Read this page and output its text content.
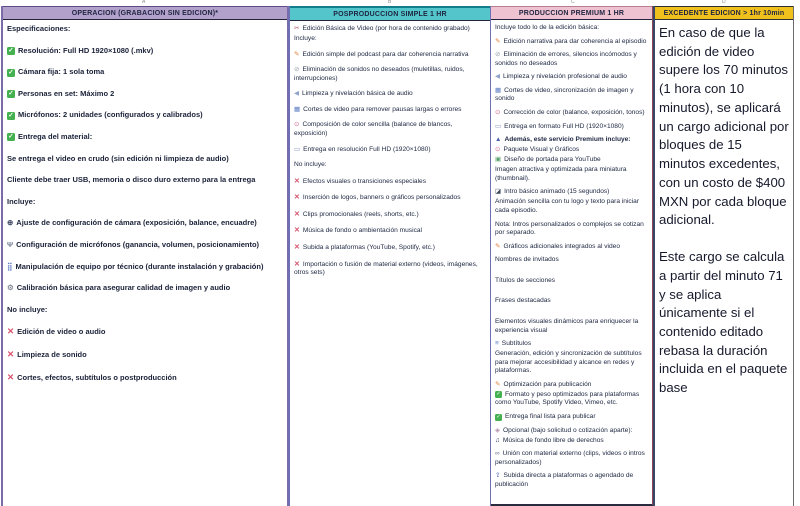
A	B	C	D
OPERACION (GRABACION SIN EDICION)*
Especificaciones:
✓ Resolución: Full HD 1920×1080 (.mkv)
✓ Cámara fija: 1 sola toma
✓ Personas en set: Máximo 2
✓ Micrófonos: 2 unidades (configurados y calibrados)
✓ Entrega del material:
Se entrega el video en crudo (sin edición ni limpieza de audio)
Cliente debe traer USB, memoria o disco duro externo para la entrega
Incluye:
⊕ Ajuste de configuración de cámara (exposición, balance, encuadre)
Ψ Configuración de micrófonos (ganancia, volumen, posicionamiento)
⣿ Manipulación de equipo por técnico (durante instalación y grabación)
⚙ Calibración básica para asegurar calidad de imagen y audio
No incluye:
✕ Edición de video o audio
✕ Limpieza de sonido
✕ Cortes, efectos, subtítulos o postproducción
POSPRODUCCION SIMPLE 1 HR
✂ Edición Básica de Video (por hora de contenido grabado)
Incluye:
✎ Edición simple del podcast para dar coherencia narrativa
⊘ Eliminación de sonidos no deseados (muletillas, ruidos, interrupciones)
◀ Limpieza y nivelación básica de audio
▦ Cortes de video para remover pausas largas o errores
⊙ Composición de color sencilla (balance de blancos, exposición)
▭ Entrega en resolución Full HD (1920×1080)
No incluye:
✕ Efectos visuales o transiciones especiales
✕ Inserción de logos, banners o gráficos personalizados
✕ Clips promocionales (reels, shorts, etc.)
✕ Música de fondo o ambientación musical
✕ Subida a plataformas (YouTube, Spotify, etc.)
✕ Importación o fusión de material externo (videos, imágenes, otros sets)
PRODUCCION PREMIUM 1 HR
Incluye todo lo de la edición básica:
✎ Edición narrativa para dar coherencia al episodio
⊘ Eliminación de errores, silencios incómodos y sonidos no deseados
◀ Limpieza y nivelación profesional de audio
▦ Cortes de video, sincronización de imagen y sonido
⊙ Corrección de color (balance, exposición, tonos)
▭ Entrega en formato Full HD (1920×1080)
▲ Además, este servicio Premium incluye:
⊙ Paquete Visual y Gráficos
▣ Diseño de portada para YouTube
Imagen atractiva y optimizada para miniatura (thumbnail).
◪ Intro básico animado (15 segundos)
Animación sencilla con tu logo y texto para iniciar cada episodio.
Nota: Intros personalizados o complejos se cotizan por separado.
✎ Gráficos adicionales integrados al video
Nombres de invitados
Títulos de secciones
Frases destacadas
Elementos visuales dinámicos para enriquecer la experiencia visual
≡ Subtítulos
Generación, edición y sincronización de subtítulos para mejorar accesibilidad y alcance en redes y plataformas.
✎ Optimización para publicación
✓ Formato y peso optimizados para plataformas como YouTube, Spotify Video, Vimeo, etc.
✓ Entrega final lista para publicar
◈ Opcional (bajo solicitud o cotización aparte):
♫ Música de fondo libre de derechos
∞ Unión con material externo (clips, videos o intros personalizados)
⇪ Subida directa a plataformas o agendado de publicación
EXCEDENTE EDICION > 1hr 10min
En caso de que la edición de video supere los 70 minutos (1 hora con 10 minutos), se aplicará un cargo adicional por bloques de 15 minutos excedentes, con un costo de $400 MXN por cada bloque adicional.
Este cargo se calcula a partir del minuto 71 y se aplica únicamente si el contenido editado rebasa la duración incluida en el paquete base
